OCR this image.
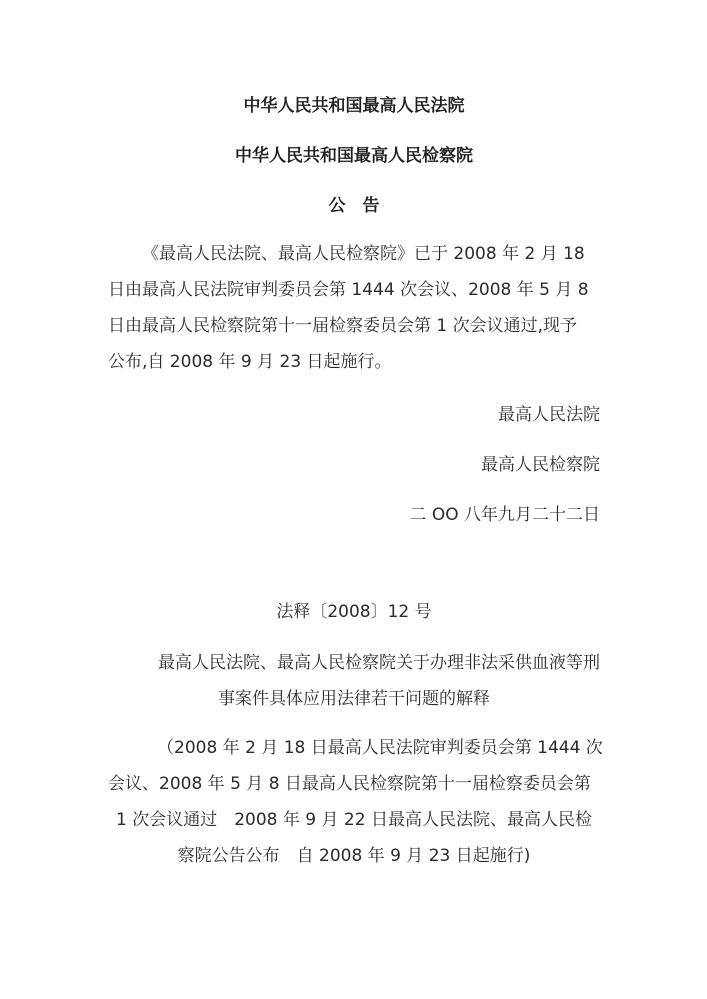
中华人民共和国最高人民法院
中华人民共和国最高人民检察院
公　告
《最高人民法院、最高人民检察院》已于 2008 年 2 月 18
日由最高人民法院审判委员会第 1444 次会议、2008 年 5 月 8
日由最高人民检察院第十一届检察委员会第 1 次会议通过,现予
公布,自 2008 年 9 月 23 日起施行。
最高人民法院
最高人民检察院
二 OO 八年九月二十二日
法释〔2008〕12 号
最高人民法院、最高人民检察院关于办理非法采供血液等刑
事案件具体应用法律若干问题的解释
（2008 年 2 月 18 日最高人民法院审判委员会第 1444 次
会议、2008 年 5 月 8 日最高人民检察院第十一届检察委员会第
1 次会议通过　2008 年 9 月 22 日最高人民法院、最高人民检
察院公告公布　自 2008 年 9 月 23 日起施行)
